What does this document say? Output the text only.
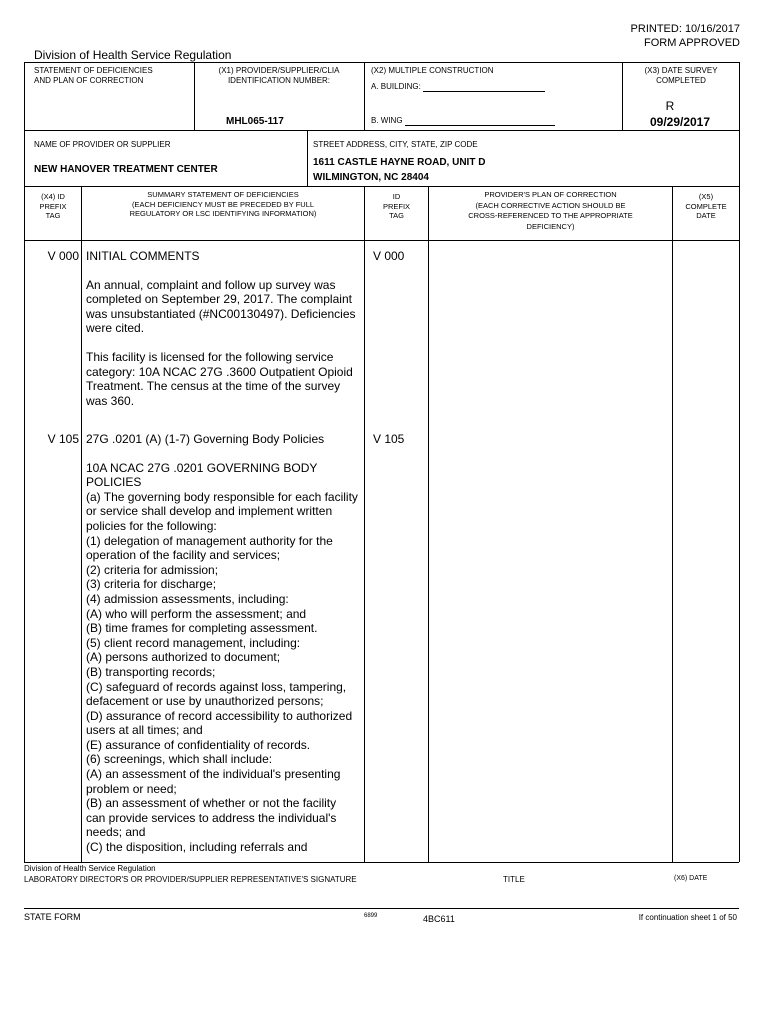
PRINTED: 10/16/2017
FORM APPROVED
Division of Health Service Regulation
STATEMENT OF DEFICIENCIES
AND PLAN OF CORRECTION
(X1) PROVIDER/SUPPLIER/CLIA
IDENTIFICATION NUMBER:
MHL065-117
(X2) MULTIPLE CONSTRUCTION
A. BUILDING:
B. WING
(X3) DATE SURVEY
COMPLETED
R
09/29/2017
NAME OF PROVIDER OR SUPPLIER
NEW HANOVER TREATMENT CENTER
STREET ADDRESS, CITY, STATE, ZIP CODE
1611 CASTLE HAYNE ROAD, UNIT D
WILMINGTON, NC 28404
(X4) ID
PREFIX
TAG
SUMMARY STATEMENT OF DEFICIENCIES
(EACH DEFICIENCY MUST BE PRECEDED BY FULL
REGULATORY OR LSC IDENTIFYING INFORMATION)
ID
PREFIX
TAG
PROVIDER'S PLAN OF CORRECTION
(EACH CORRECTIVE ACTION SHOULD BE
CROSS-REFERENCED TO THE APPROPRIATE
DEFICIENCY)
(X5)
COMPLETE
DATE
V 000	V 000
INITIAL COMMENTS
An annual, complaint and follow up survey was completed on September 29, 2017. The complaint was unsubstantiated (#NC00130497). Deficiencies were cited.
This facility is licensed for the following service category: 10A NCAC 27G .3600 Outpatient Opioid Treatment. The census at the time of the survey was 360.
V 105	V 105
27G .0201 (A) (1-7) Governing Body Policies
10A NCAC 27G .0201 GOVERNING BODY POLICIES
(a) The governing body responsible for each facility or service shall develop and implement written policies for the following:
(1) delegation of management authority for the operation of the facility and services;
(2) criteria for admission;
(3) criteria for discharge;
(4) admission assessments, including:
(A) who will perform the assessment; and
(B) time frames for completing assessment.
(5) client record management, including:
(A) persons authorized to document;
(B) transporting records;
(C) safeguard of records against loss, tampering, defacement or use by unauthorized persons;
(D) assurance of record accessibility to authorized users at all times; and
(E) assurance of confidentiality of records.
(6) screenings, which shall include:
(A) an assessment of the individual's presenting problem or need;
(B) an assessment of whether or not the facility can provide services to address the individual's needs; and
(C) the disposition, including referrals and
Division of Health Service Regulation
LABORATORY DIRECTOR'S OR PROVIDER/SUPPLIER REPRESENTATIVE'S SIGNATURE	TITLE	(X6) DATE
STATE FORM	6899	4BC611	If continuation sheet 1 of 50
